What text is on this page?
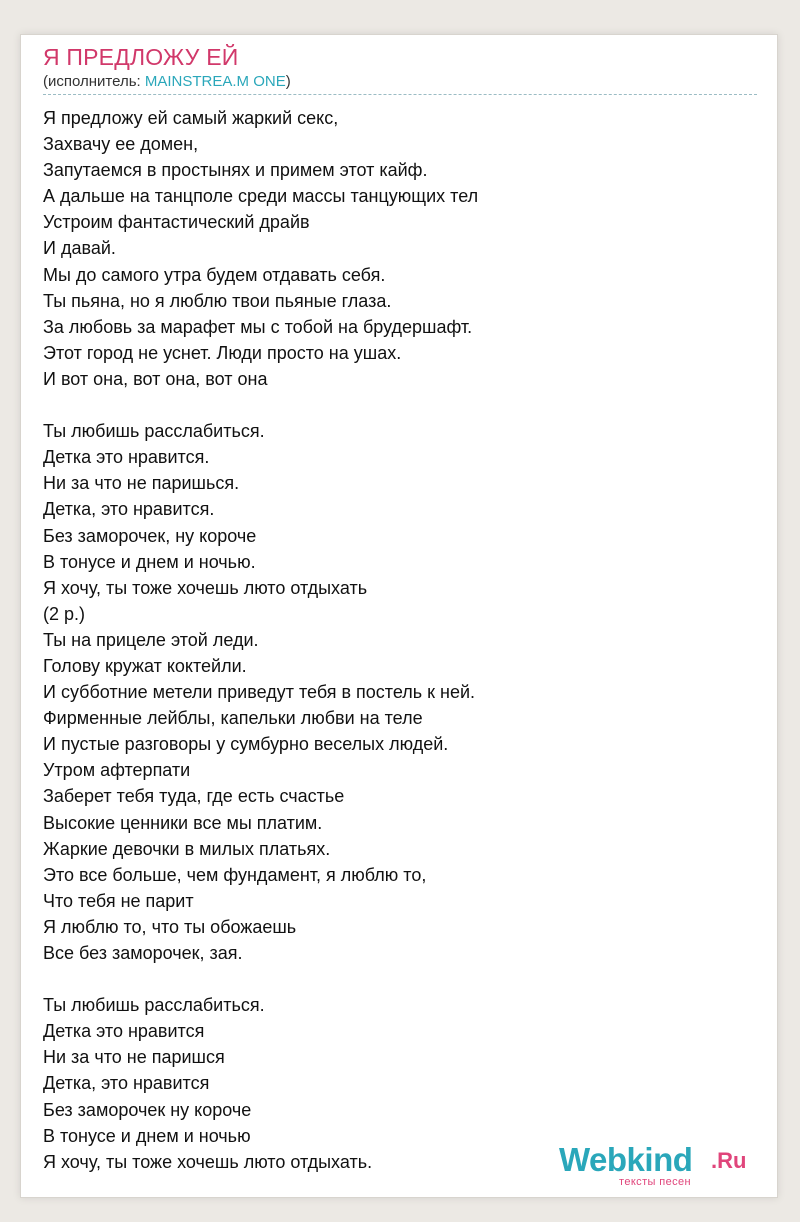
Я ПРЕДЛОЖУ ЕЙ
(исполнитель: MAINSTREA.M ONE)
Я предложу ей самый жаркий секс,
Захвачу ее домен,
Запутаемся в простынях и примем этот кайф.
А дальше на танцполе среди массы танцующих тел
Устроим фантастический драйв
И давай.
Мы до самого утра будем отдавать себя.
Ты пьяна, но я люблю твои пьяные глаза.
За любовь за марафет мы с тобой на брудершафт.
Этот город не уснет. Люди просто на ушах.
И вот она, вот она, вот она
Ты любишь расслабиться.
Детка это нравится.
Ни за что не паришься.
Детка, это нравится.
Без заморочек, ну короче
В тонусе и днем и ночью.
Я хочу, ты тоже хочешь люто отдыхать
(2 р.)
Ты на прицеле этой леди.
Голову кружат коктейли.
И субботние метели приведут тебя в постель к ней.
Фирменные лейблы, капельки любви на теле
И пустые разговоры у сумбурно веселых людей.
Утром афтерпати
Заберет тебя туда, где есть счастье
Высокие ценники все мы платим.
Жаркие девочки в милых платьях.
Это все больше, чем фундамент, я люблю то,
Что тебя не парит
Я люблю то, что ты обожаешь
Все без заморочек, зая.
Ты любишь расслабиться.
Детка это нравится
Ни за что не паришся
Детка, это нравится
Без заморочек ну короче
В тонусе и днем и ночью
Я хочу, ты тоже хочешь люто отдыхать.	Webkind .Ru
тексты песен
